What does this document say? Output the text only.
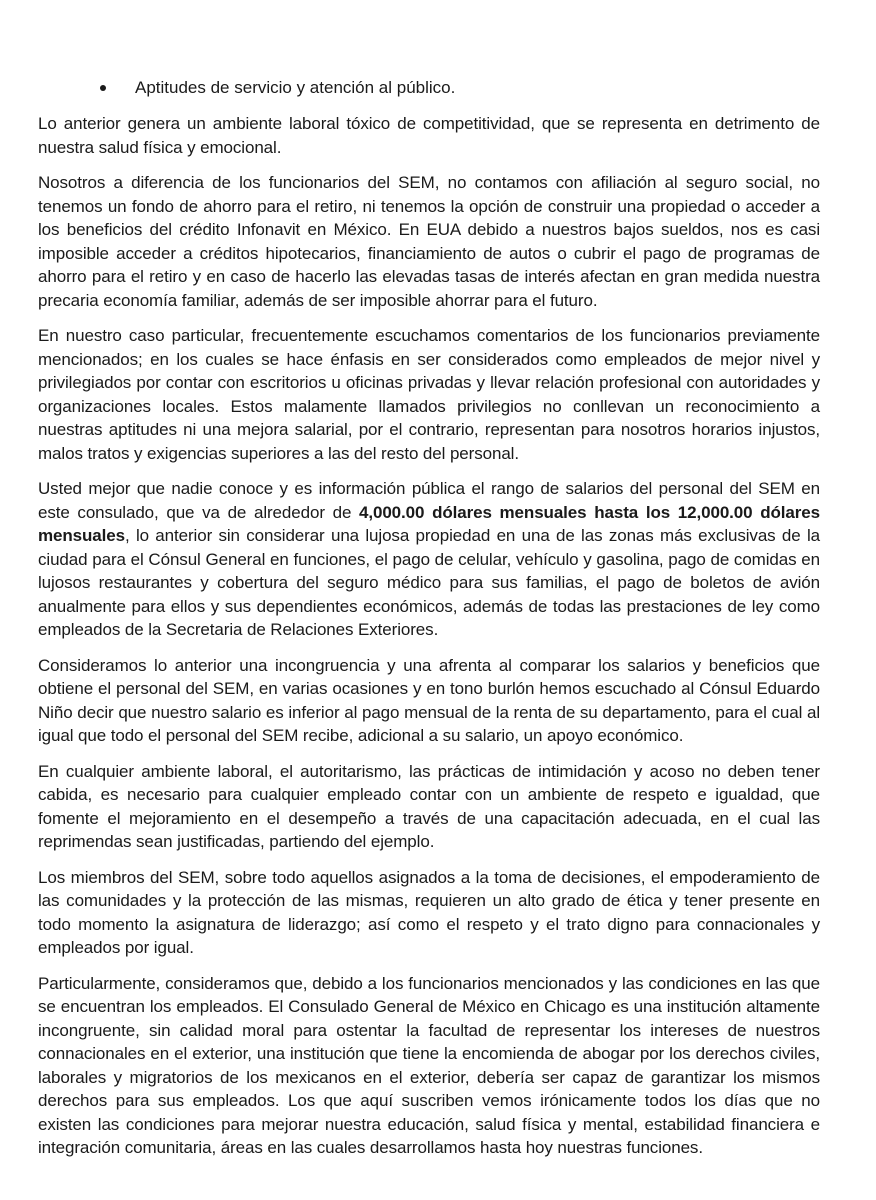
Aptitudes de servicio y atención al público.

Lo anterior genera un ambiente laboral tóxico de competitividad, que se representa en detrimento de nuestra salud física y emocional.

Nosotros a diferencia de los funcionarios del SEM, no contamos con afiliación al seguro social, no tenemos un fondo de ahorro para el retiro, ni tenemos la opción de construir una propiedad o acceder a los beneficios del crédito Infonavit en México. En EUA debido a nuestros bajos sueldos, nos es casi imposible acceder a créditos hipotecarios, financiamiento de autos o cubrir el pago de programas de ahorro para el retiro y en caso de hacerlo las elevadas tasas de interés afectan en gran medida nuestra precaria economía familiar, además de ser imposible ahorrar para el futuro.

En nuestro caso particular, frecuentemente escuchamos comentarios de los funcionarios previamente mencionados; en los cuales se hace énfasis en ser considerados como empleados de mejor nivel y privilegiados por contar con escritorios u oficinas privadas y llevar relación profesional con autoridades y organizaciones locales. Estos malamente llamados privilegios no conllevan un reconocimiento a nuestras aptitudes ni una mejora salarial, por el contrario, representan para nosotros horarios injustos, malos tratos y exigencias superiores a las del resto del personal.

Usted mejor que nadie conoce y es información pública el rango de salarios del personal del SEM en este consulado, que va de alrededor de 4,000.00 dólares mensuales hasta los 12,000.00 dólares mensuales, lo anterior sin considerar una lujosa propiedad en una de las zonas más exclusivas de la ciudad para el Cónsul General en funciones, el pago de celular, vehículo y gasolina, pago de comidas en lujosos restaurantes y cobertura del seguro médico para sus familias, el pago de boletos de avión anualmente para ellos y sus dependientes económicos, además de todas las prestaciones de ley como empleados de la Secretaria de Relaciones Exteriores.

Consideramos lo anterior una incongruencia y una afrenta al comparar los salarios y beneficios que obtiene el personal del SEM, en varias ocasiones y en tono burlón hemos escuchado al Cónsul Eduardo Niño decir que nuestro salario es inferior al pago mensual de la renta de su departamento, para el cual al igual que todo el personal del SEM recibe, adicional a su salario, un apoyo económico.

En cualquier ambiente laboral, el autoritarismo, las prácticas de intimidación y acoso no deben tener cabida, es necesario para cualquier empleado contar con un ambiente de respeto e igualdad, que fomente el mejoramiento en el desempeño a través de una capacitación adecuada, en el cual las reprimendas sean justificadas, partiendo del ejemplo.

Los miembros del SEM, sobre todo aquellos asignados a la toma de decisiones, el empoderamiento de las comunidades y la protección de las mismas, requieren un alto grado de ética y tener presente en todo momento la asignatura de liderazgo; así como el respeto y el trato digno para connacionales y empleados por igual.

Particularmente, consideramos que, debido a los funcionarios mencionados y las condiciones en las que se encuentran los empleados. El Consulado General de México en Chicago es una institución altamente incongruente, sin calidad moral para ostentar la facultad de representar los intereses de nuestros connacionales en el exterior, una institución que tiene la encomienda de abogar por los derechos civiles, laborales y migratorios de los mexicanos en el exterior, debería ser capaz de garantizar los mismos derechos para sus empleados. Los que aquí suscriben vemos irónicamente todos los días que no existen las condiciones para mejorar nuestra educación, salud física y mental, estabilidad financiera e integración comunitaria, áreas en las cuales desarrollamos hasta hoy nuestras funciones.
